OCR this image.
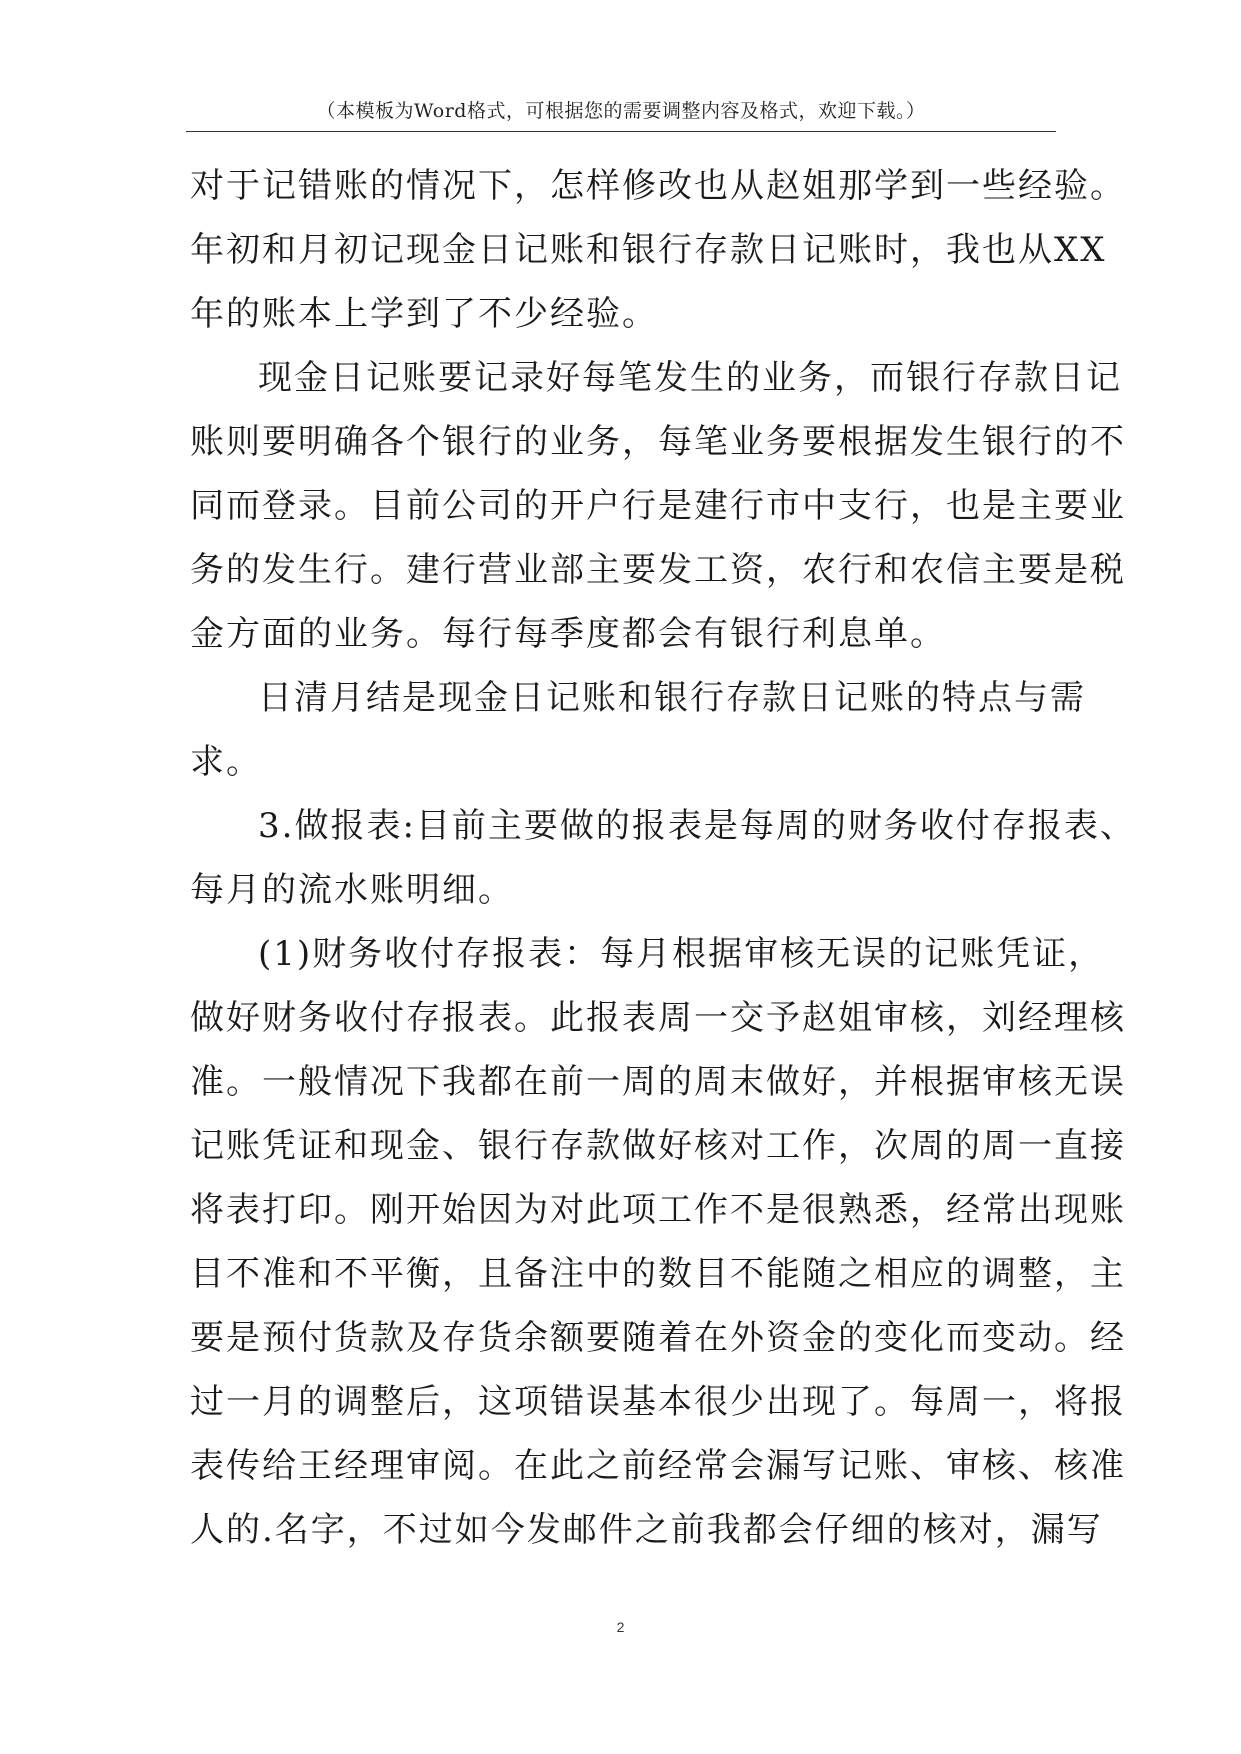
（本模板为Word格式，可根据您的需要调整内容及格式，欢迎下载。）
对于记错账的情况下，怎样修改也从赵姐那学到一些经验。
年初和月初记现金日记账和银行存款日记账时，我也从XX
年的账本上学到了不少经验。
现金日记账要记录好每笔发生的业务，而银行存款日记
账则要明确各个银行的业务，每笔业务要根据发生银行的不
同而登录。目前公司的开户行是建行市中支行，也是主要业
务的发生行。建行营业部主要发工资，农行和农信主要是税
金方面的业务。每行每季度都会有银行利息单。
日清月结是现金日记账和银行存款日记账的特点与需
求。
3.做报表:目前主要做的报表是每周的财务收付存报表、
每月的流水账明细。
(1)财务收付存报表：每月根据审核无误的记账凭证，
做好财务收付存报表。此报表周一交予赵姐审核，刘经理核
准。一般情况下我都在前一周的周末做好，并根据审核无误
记账凭证和现金、银行存款做好核对工作，次周的周一直接
将表打印。刚开始因为对此项工作不是很熟悉，经常出现账
目不准和不平衡，且备注中的数目不能随之相应的调整，主
要是预付货款及存货余额要随着在外资金的变化而变动。经
过一月的调整后，这项错误基本很少出现了。每周一，将报
表传给王经理审阅。在此之前经常会漏写记账、审核、核准
人的.名字，不过如今发邮件之前我都会仔细的核对，漏写
2
